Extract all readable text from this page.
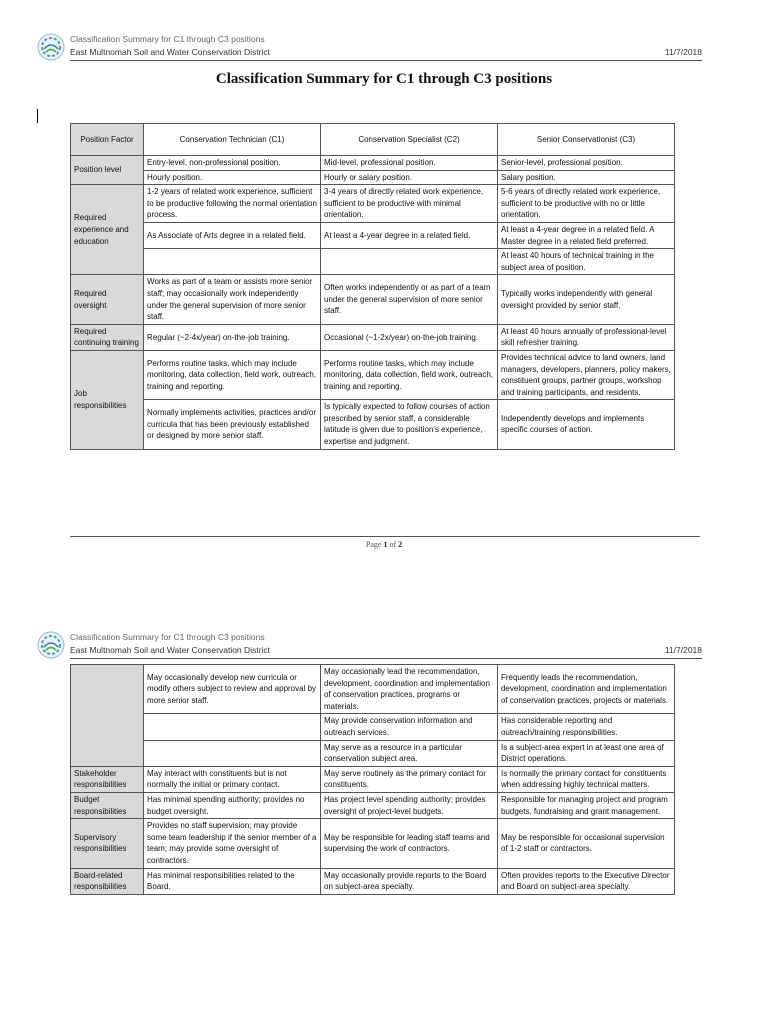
Classification Summary for C1 through C3 positions
East Multnomah Soil and Water Conservation District	11/7/2018
Classification Summary for C1 through C3 positions
Position Factor	Conservation Technician (C1)	Conservation Specialist (C2)	Senior Conservationist (C3)
Position level	Entry-level, non-professional position.	Mid-level, professional position.	Senior-level, professional position.
	Hourly position.	Hourly or salary position.	Salary position.
Required experience and education	1-2 years of related work experience, sufficient to be productive following the normal orientation process.	3-4 years of directly related work experience, sufficient to be productive with minimal orientation.	5-6 years of directly related work experience, sufficient to be productive with no or little orientation.
	As Associate of Arts degree in a related field.	At least a 4-year degree in a related field.	At least a 4-year degree in a related field. A Master degree in a related field preferred.
			At least 40 hours of technical training in the subject area of position.
Required oversight	Works as part of a team or assists more senior staff; may occasionally work independently under the general supervision of more senior staff.	Often works independently or as part of a team under the general supervision of more senior staff.	Typically works independently with general oversight provided by senior staff.
Required continuing training	Regular (~2-4x/year) on-the-job training.	Occasional (~1-2x/year) on-the-job training.	At least 40 hours annually of professional-level skill refresher training.
Job responsibilities	Performs routine tasks, which may include monitoring, data collection, field work, outreach, training and reporting.	Performs routine tasks, which may include monitoring, data collection, field work, outreach, training and reporting.	Provides technical advice to land owners, land managers, developers, planners, policy makers, constituent groups, partner groups, workshop and training participants, and residents.
	Normally implements activities, practices and/or curricula that has been previously established or designed by more senior staff.	Is typically expected to follow courses of action prescribed by senior staff, a considerable latitude is given due to position's experience, expertise and judgment.	Independently develops and implements specific courses of action.
Page 1 of 2
Classification Summary for C1 through C3 positions
East Multnomah Soil and Water Conservation District	11/7/2018
	May occasionally develop new curricula or modify others subject to review and approval by more senior staff.	May occasionally lead the recommendation, development, coordination and implementation of conservation practices, programs or materials.	Frequently leads the recommendation, development, coordination and implementation of conservation practices, projects or materials.
		May provide conservation information and outreach services.	Has considerable reporting and outreach/training responsibilities.
		May serve as a resource in a particular conservation subject area.	Is a subject-area expert in at least one area of District operations.
Stakeholder responsibilities	May interact with constituents but is not normally the initial or primary contact.	May serve routinely as the primary contact for constituents.	Is normally the primary contact for constituents when addressing highly technical matters.
Budget responsibilities	Has minimal spending authority; provides no budget oversight.	Has project level spending authority; provides oversight of project-level budgets.	Responsible for managing project and program budgets, fundraising and grant management.
Supervisory responsibilities	Provides no staff supervision; may provide some team leadership if the senior member of a team; may provide some oversight of contractors.	May be responsible for leading staff teams and supervising the work of contractors.	May be responsible for occasional supervision of 1-2 staff or contractors.
Board-related responsibilities	Has minimal responsibilities related to the Board.	May occasionally provide reports to the Board on subject-area specialty.	Often provides reports to the Executive Director and Board on subject-area specialty.
